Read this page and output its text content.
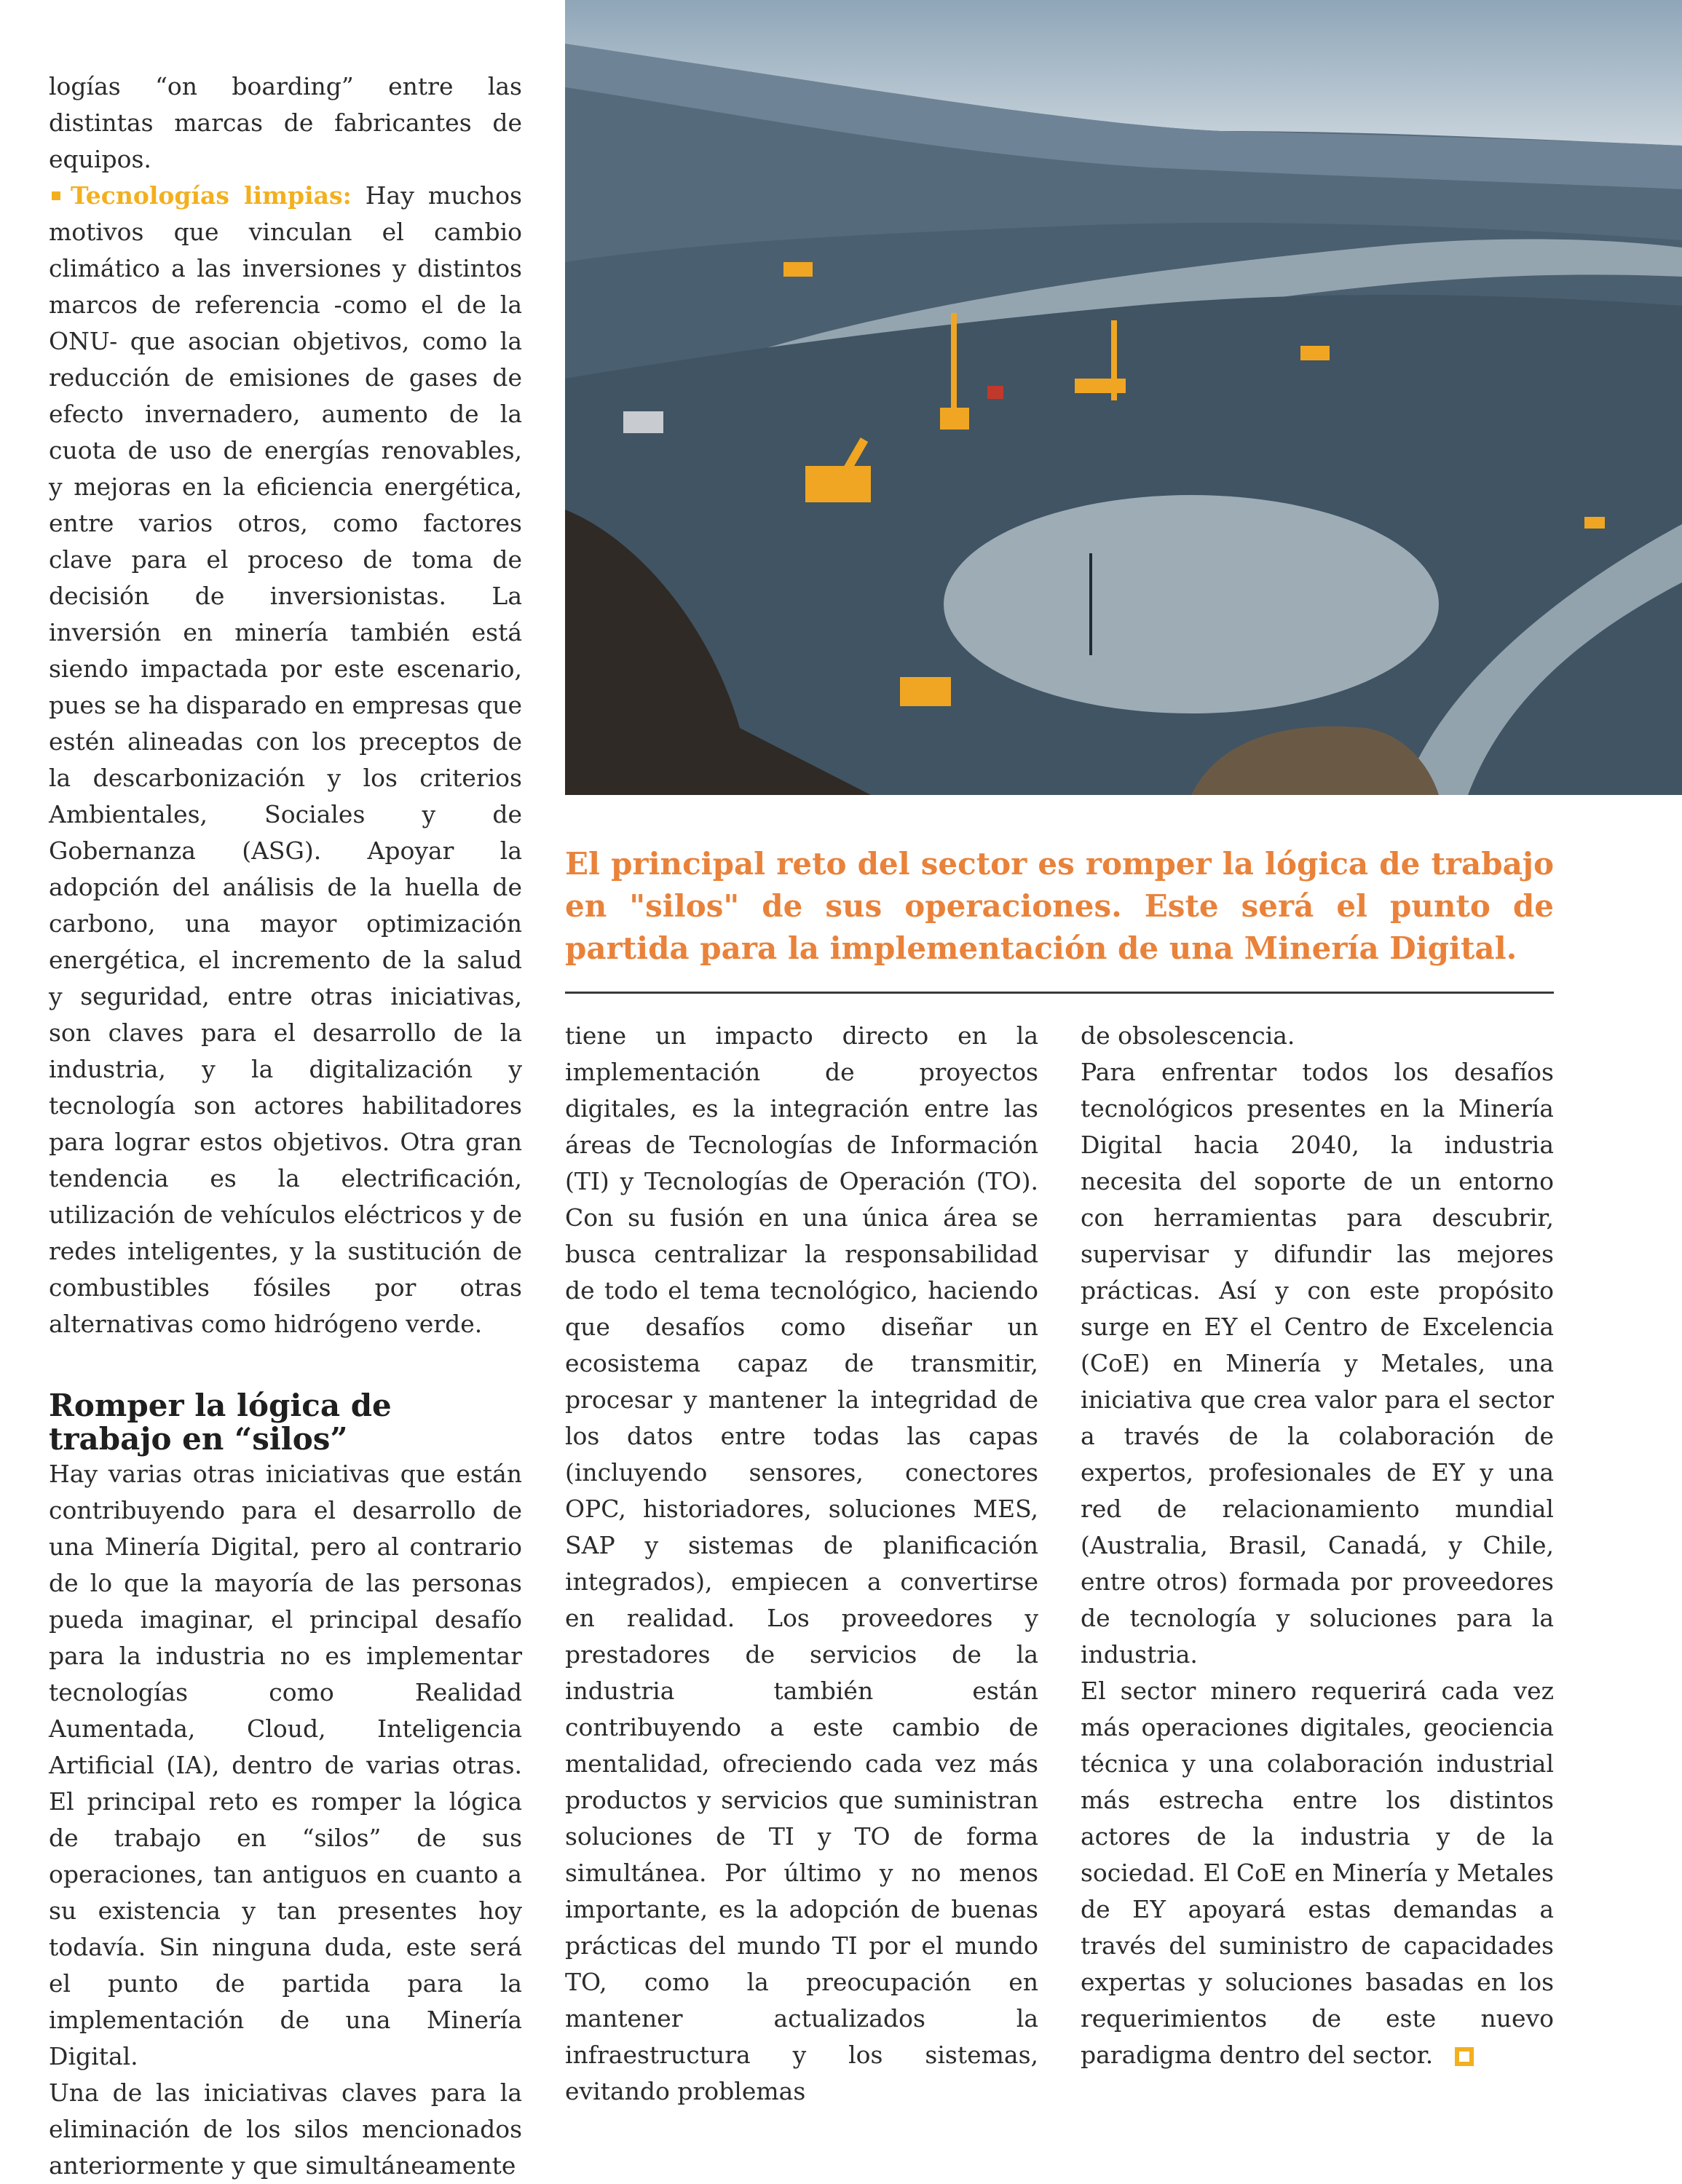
logías “on boarding” entre las distintas marcas de fabricantes de equipos.

Tecnologías limpias: Hay muchos motivos que vinculan el cambio climático a las inversiones y distintos marcos de referencia -como el de la ONU- que asocian objetivos, como la reducción de emisiones de gases de efecto invernadero, aumento de la cuota de uso de energías renovables, y mejoras en la eficiencia energética, entre varios otros, como factores clave para el proceso de toma de decisión de inversionistas. La inversión en minería también está siendo impactada por este escenario, pues se ha disparado en empresas que estén alineadas con los preceptos de la descarbonización y los criterios Ambientales, Sociales y de Gobernanza (ASG). Apoyar la adopción del análisis de la huella de carbono, una mayor optimización energética, el incremento de la salud y seguridad, entre otras iniciativas, son claves para el desarrollo de la industria, y la digitalización y tecnología son actores habilitadores para lograr estos objetivos. Otra gran tendencia es la electrificación, utilización de vehículos eléctricos y de redes inteligentes, y la sustitución de combustibles fósiles por otras alternativas como hidrógeno verde.

Romper la lógica de trabajo en “silos”

Hay varias otras iniciativas que están contribuyendo para el desarrollo de una Minería Digital, pero al contrario de lo que la mayoría de las personas pueda imaginar, el principal desafío para la industria no es implementar tecnologías como Realidad Aumentada, Cloud, Inteligencia Artificial (IA), dentro de varias otras. El principal reto es romper la lógica de trabajo en “silos” de sus operaciones, tan antiguos en cuanto a su existencia y tan presentes hoy todavía. Sin ninguna duda, este será el punto de partida para la implementación de una Minería Digital.

Una de las iniciativas claves para la eliminación de los silos mencionados anteriormente y que simultáneamente

El principal reto del sector es romper la lógica de trabajo en "silos" de sus operaciones. Este será el punto de partida para la implementación de una Minería Digital.

tiene un impacto directo en la implementación de proyectos digitales, es la integración entre las áreas de Tecnologías de Información (TI) y Tecnologías de Operación (TO). Con su fusión en una única área se busca centralizar la responsabilidad de todo el tema tecnológico, haciendo que desafíos como diseñar un ecosistema capaz de transmitir, procesar y mantener la integridad de los datos entre todas las capas (incluyendo sensores, conectores OPC, historiadores, soluciones MES, SAP y sistemas de planificación integrados), empiecen a convertirse en realidad. Los proveedores y prestadores de servicios de la industria también están contribuyendo a este cambio de mentalidad, ofreciendo cada vez más productos y servicios que suministran soluciones de TI y TO de forma simultánea. Por último y no menos importante, es la adopción de buenas prácticas del mundo TI por el mundo TO, como la preocupación en mantener actualizados la infraestructura y los sistemas, evitando problemas

de obsolescencia.

Para enfrentar todos los desafíos tecnológicos presentes en la Minería Digital hacia 2040, la industria necesita del soporte de un entorno con herramientas para descubrir, supervisar y difundir las mejores prácticas. Así y con este propósito surge en EY el Centro de Excelencia (CoE) en Minería y Metales, una iniciativa que crea valor para el sector a través de la colaboración de expertos, profesionales de EY y una red de relacionamiento mundial (Australia, Brasil, Canadá, y Chile, entre otros) formada por proveedores de tecnología y soluciones para la industria.

El sector minero requerirá cada vez más operaciones digitales, geociencia técnica y una colaboración industrial más estrecha entre los distintos actores de la industria y de la sociedad. El CoE en Minería y Metales de EY apoyará estas demandas a través del suministro de capacidades expertas y soluciones basadas en los requerimientos de este nuevo paradigma dentro del sector.
